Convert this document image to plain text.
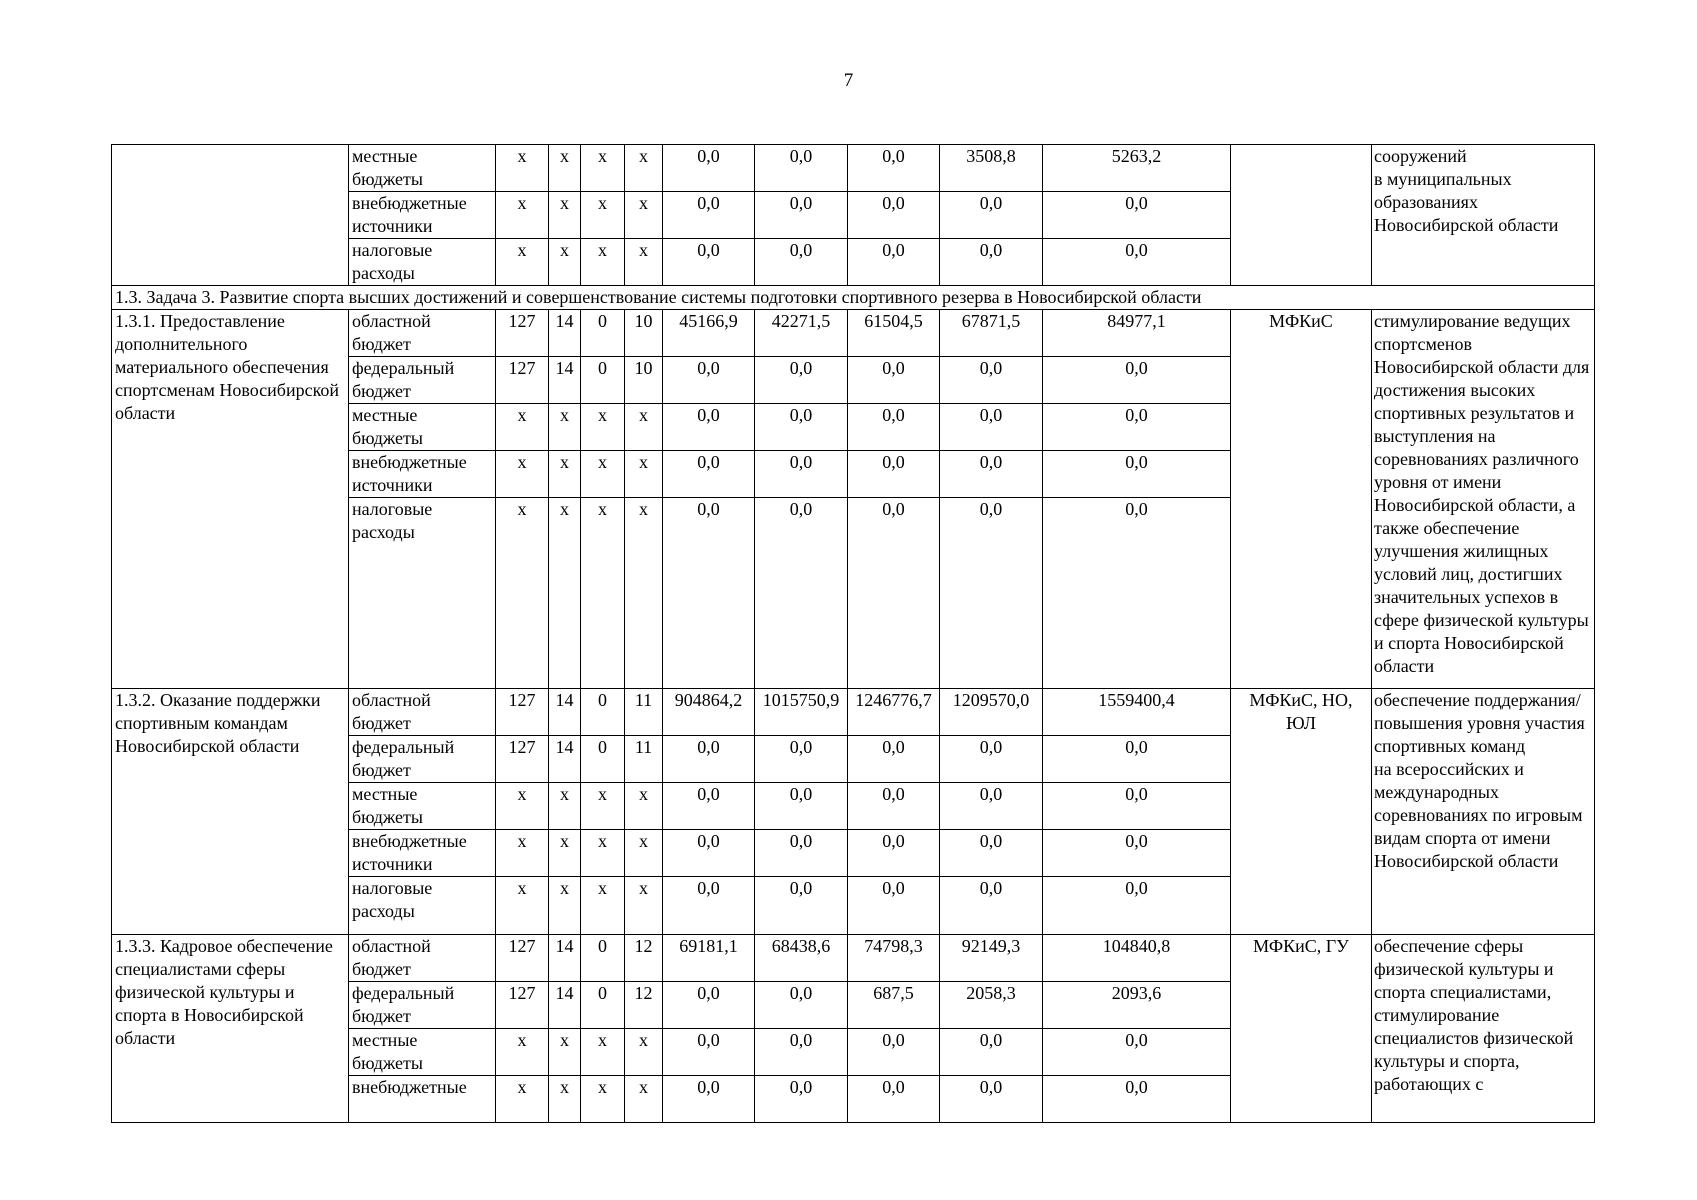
7
	местные бюджеты	х	х	х	х	0,0	0,0	0,0	3508,8	5263,2		сооружений
в муниципальных образованиях Новосибирской области
	внебюджетные источники	х	х	х	х	0,0	0,0	0,0	0,0	0,0		
	налоговые расходы	х	х	х	х	0,0	0,0	0,0	0,0	0,0		
1.3. Задача 3. Развитие спорта высших достижений и совершенствование системы подготовки спортивного резерва в Новосибирской области												
1.3.1. Предоставление дополнительного материального обеспечения спортсменам Новосибирской области	областной бюджет	127	14	0	10	45166,9	42271,5	61504,5	67871,5	84977,1	МФКиС	стимулирование ведущих спортсменов Новосибирской области для достижения высоких спортивных результатов и выступления на соревнованиях различного уровня от имени Новосибирской области, а также обеспечение улучшения жилищных условий лиц, достигших значительных успехов в сфере физической культуры и спорта Новосибирской области
	федеральный бюджет	127	14	0	10	0,0	0,0	0,0	0,0	0,0		
	местные бюджеты	х	х	х	х	0,0	0,0	0,0	0,0	0,0		
	внебюджетные источники	х	х	х	х	0,0	0,0	0,0	0,0	0,0		
	налоговые расходы	х	х	х	х	0,0	0,0	0,0	0,0	0,0		
1.3.2. Оказание поддержки спортивным командам Новосибирской области	областной бюджет	127	14	0	11	904864,2	1015750,9	1246776,7	1209570,0	1559400,4	МФКиС, НО, ЮЛ	обеспечение поддержания/повышения уровня участия спортивных команд
на всероссийских и международных соревнованиях по игровым видам спорта от имени Новосибирской области
	федеральный бюджет	127	14	0	11	0,0	0,0	0,0	0,0	0,0		
	местные бюджеты	х	х	х	х	0,0	0,0	0,0	0,0	0,0		
	внебюджетные источники	х	х	х	х	0,0	0,0	0,0	0,0	0,0		
	налоговые расходы	х	х	х	х	0,0	0,0	0,0	0,0	0,0		
1.3.3. Кадровое обеспечение специалистами сферы физической культуры и спорта в Новосибирской области	областной бюджет	127	14	0	12	69181,1	68438,6	74798,3	92149,3	104840,8	МФКиС, ГУ	обеспечение сферы физической культуры и спорта специалистами, стимулирование специалистов физической культуры и спорта, работающих с
	федеральный бюджет	127	14	0	12	0,0	0,0	687,5	2058,3	2093,6		
	местные бюджеты	х	х	х	х	0,0	0,0	0,0	0,0	0,0		
	внебюджетные	х	х	х	х	0,0	0,0	0,0	0,0	0,0		
